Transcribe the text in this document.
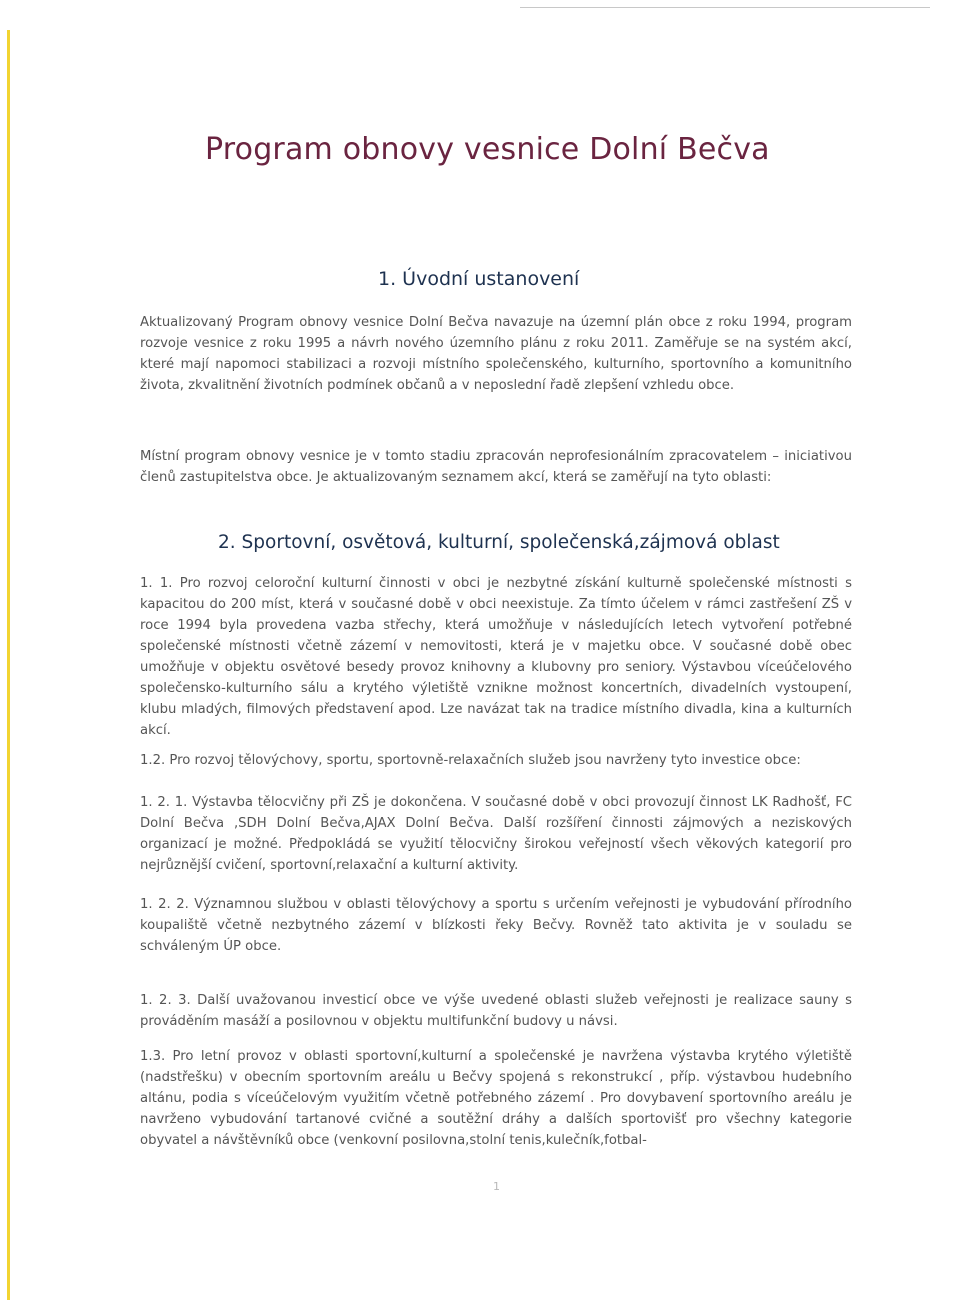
Program obnovy vesnice Dolní Bečva
1. Úvodní ustanovení

Aktualizovaný Program obnovy vesnice Dolní Bečva navazuje na územní plán obce z roku 1994, program rozvoje vesnice z roku 1995 a návrh nového územního plánu z roku 2011. Zaměřuje se na systém akcí, které mají napomoci stabilizaci a rozvoji místního společenského, kulturního, sportovního a komunitního života, zkvalitnění životních podmínek občanů a v neposlední řadě zlepšení vzhledu obce.

Místní program obnovy vesnice je v tomto stadiu zpracován neprofesionálním zpracovatelem – iniciativou členů zastupitelstva obce. Je aktualizovaným seznamem akcí, která se zaměřují na tyto oblasti:

2. Sportovní, osvětová, kulturní, společenská,zájmová oblast

1. 1. Pro rozvoj celoroční kulturní činnosti v obci je nezbytné získání kulturně společenské místnosti s kapacitou do 200 míst, která v současné době v obci neexistuje. Za tímto účelem v rámci zastřešení ZŠ v roce 1994 byla provedena vazba střechy, která umožňuje v následujících letech vytvoření potřebné společenské místnosti včetně zázemí v nemovitosti, která je v majetku obce. V současné době obec umožňuje v objektu osvětové besedy provoz knihovny a klubovny pro seniory. Výstavbou víceúčelového společensko-kulturního sálu a krytého výletiště vznikne možnost koncertních, divadelních vystoupení, klubu mladých, filmových představení apod. Lze navázat tak na tradice místního divadla, kina a kulturních akcí.

1.2. Pro rozvoj tělovýchovy, sportu, sportovně-relaxačních služeb jsou navrženy tyto investice obce:

1. 2. 1. Výstavba tělocvičny při ZŠ je dokončena. V současné době v obci provozují činnost LK Radhošť, FC Dolní Bečva ,SDH Dolní Bečva,AJAX Dolní Bečva. Další rozšíření činnosti zájmových a neziskových organizací je možné. Předpokládá se využití tělocvičny širokou veřejností všech věkových kategorií pro nejrůznější cvičení, sportovní,relaxační a kulturní aktivity.

1. 2. 2. Významnou službou v oblasti tělovýchovy a sportu s určením veřejnosti je vybudování přírodního koupaliště včetně nezbytného zázemí v blízkosti řeky Bečvy. Rovněž tato aktivita je v souladu se schváleným ÚP obce.

1. 2. 3. Další uvažovanou investicí obce ve výše uvedené oblasti služeb veřejnosti je realizace sauny s prováděním masáží a posilovnou v objektu multifunkční budovy u návsi.

1.3. Pro letní provoz v oblasti sportovní,kulturní a společenské je navržena výstavba krytého výletiště (nadstřešku) v obecním sportovním areálu u Bečvy spojená s rekonstrukcí , příp. výstavbou hudebního altánu, podia s víceúčelovým využitím včetně potřebného zázemí . Pro dovybavení sportovního areálu je navrženo vybudování tartanové cvičné a soutěžní dráhy a dalších sportovišť pro všechny kategorie obyvatel a návštěvníků obce (venkovní posilovna,stolní tenis,kulečník,fotbal-

1
